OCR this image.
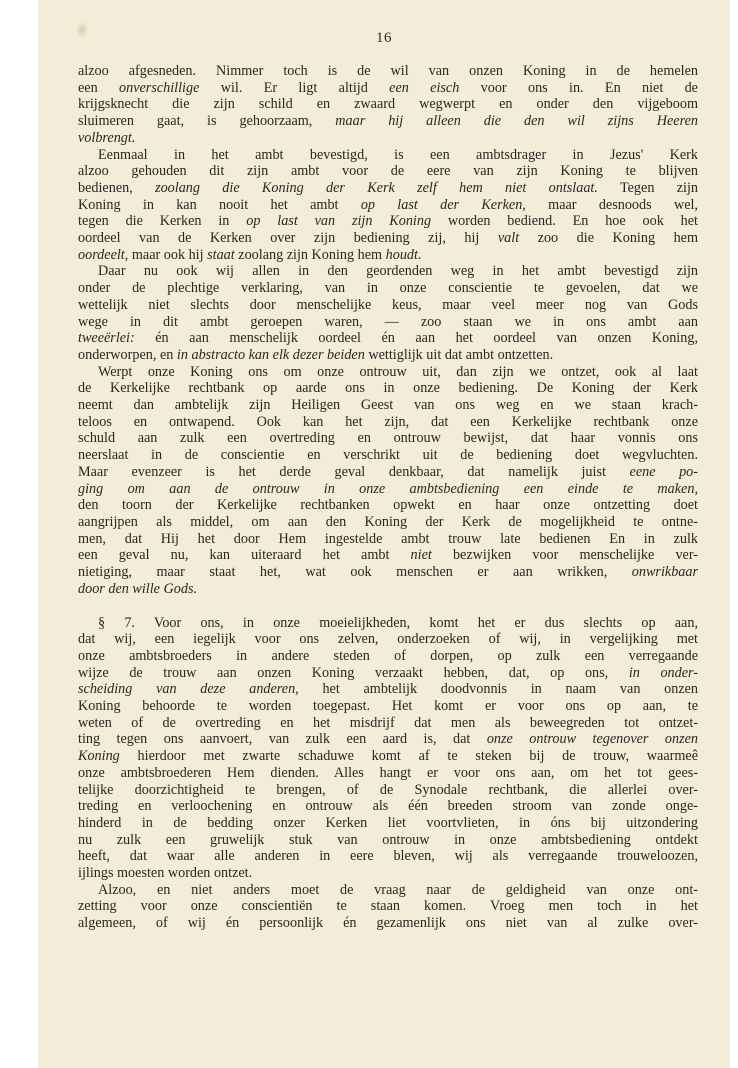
16

alzoo afgesneden. Nimmer toch is de wil van onzen Koning in de hemelen

een onverschillige wil. Er ligt altijd een eisch voor ons in. En niet de

krijgsknecht die zijn schild en zwaard wegwerpt en onder den vijgeboom

sluimeren gaat, is gehoorzaam, maar hij alleen die den wil zijns Heeren

volbrengt.

Eenmaal in het ambt bevestigd, is een ambtsdrager in Jezus' Kerk

alzoo gehouden dit zijn ambt voor de eere van zijn Koning te blijven

bedienen, zoolang die Koning der Kerk zelf hem niet ontslaat. Tegen zijn

Koning in kan nooit het ambt op last der Kerken, maar desnoods wel,

tegen die Kerken in op last van zijn Koning worden bediend. En hoe ook het

oordeel van de Kerken over zijn bediening zij, hij valt zoo die Koning hem

oordeelt, maar ook hij staat zoolang zijn Koning hem houdt.

Daar nu ook wij allen in den geordenden weg in het ambt bevestigd zijn

onder de plechtige verklaring, van in onze conscientie te gevoelen, dat we

wettelijk niet slechts door menschelijke keus, maar veel meer nog van Gods

wege in dit ambt geroepen waren, — zoo staan we in ons ambt aan

tweeërlei: én aan menschelijk oordeel én aan het oordeel van onzen Koning,

onderworpen, en in abstracto kan elk dezer beiden wettiglijk uit dat ambt ontzetten.

Werpt onze Koning ons om onze ontrouw uit, dan zijn we ontzet, ook al laat

de Kerkelijke rechtbank op aarde ons in onze bediening. De Koning der Kerk

neemt dan ambtelijk zijn Heiligen Geest van ons weg en we staan krach-

teloos en ontwapend. Ook kan het zijn, dat een Kerkelijke rechtbank onze

schuld aan zulk een overtreding en ontrouw bewijst, dat haar vonnis ons

neerslaat in de conscientie en verschrikt uit de bediening doet wegvluchten.

Maar evenzeer is het derde geval denkbaar, dat namelijk juist eene po-

ging om aan de ontrouw in onze ambtsbediening een einde te maken,

den toorn der Kerkelijke rechtbanken opwekt en haar onze ontzetting doet

aangrijpen als middel, om aan den Koning der Kerk de mogelijkheid te ontne-

men, dat Hij het door Hem ingestelde ambt trouw late bedienen En in zulk

een geval nu, kan uiteraard het ambt niet bezwijken voor menschelijke ver-

nietiging, maar staat het, wat ook menschen er aan wrikken, onwrikbaar

door den wille Gods.

§ 7. Voor ons, in onze moeielijkheden, komt het er dus slechts op aan,

dat wij, een iegelijk voor ons zelven, onderzoeken of wij, in vergelijking met

onze ambtsbroeders in andere steden of dorpen, op zulk een verregaande

wijze de trouw aan onzen Koning verzaakt hebben, dat, op ons, in onder-

scheiding van deze anderen, het ambtelijk doodvonnis in naam van onzen

Koning behoorde te worden toegepast. Het komt er voor ons op aan, te

weten of de overtreding en het misdrijf dat men als beweegreden tot ontzet-

ting tegen ons aanvoert, van zulk een aard is, dat onze ontrouw tegenover onzen

Koning hierdoor met zwarte schaduwe komt af te steken bij de trouw, waarmeê

onze ambtsbroederen Hem dienden. Alles hangt er voor ons aan, om het tot gees-

telijke doorzichtigheid te brengen, of de Synodale rechtbank, die allerlei over-

treding en verloochening en ontrouw als één breeden stroom van zonde onge-

hinderd in de bedding onzer Kerken liet voortvlieten, in óns bij uitzondering

nu zulk een gruwelijk stuk van ontrouw in onze ambtsbediening ontdekt

heeft, dat waar alle anderen in eere bleven, wij als verregaande trouweloozen,

ijlings moesten worden ontzet.

Alzoo, en niet anders moet de vraag naar de geldigheid van onze ont-

zetting voor onze conscientiën te staan komen. Vroeg men toch in het

algemeen, of wij én persoonlijk én gezamenlijk ons niet van al zulke over-
